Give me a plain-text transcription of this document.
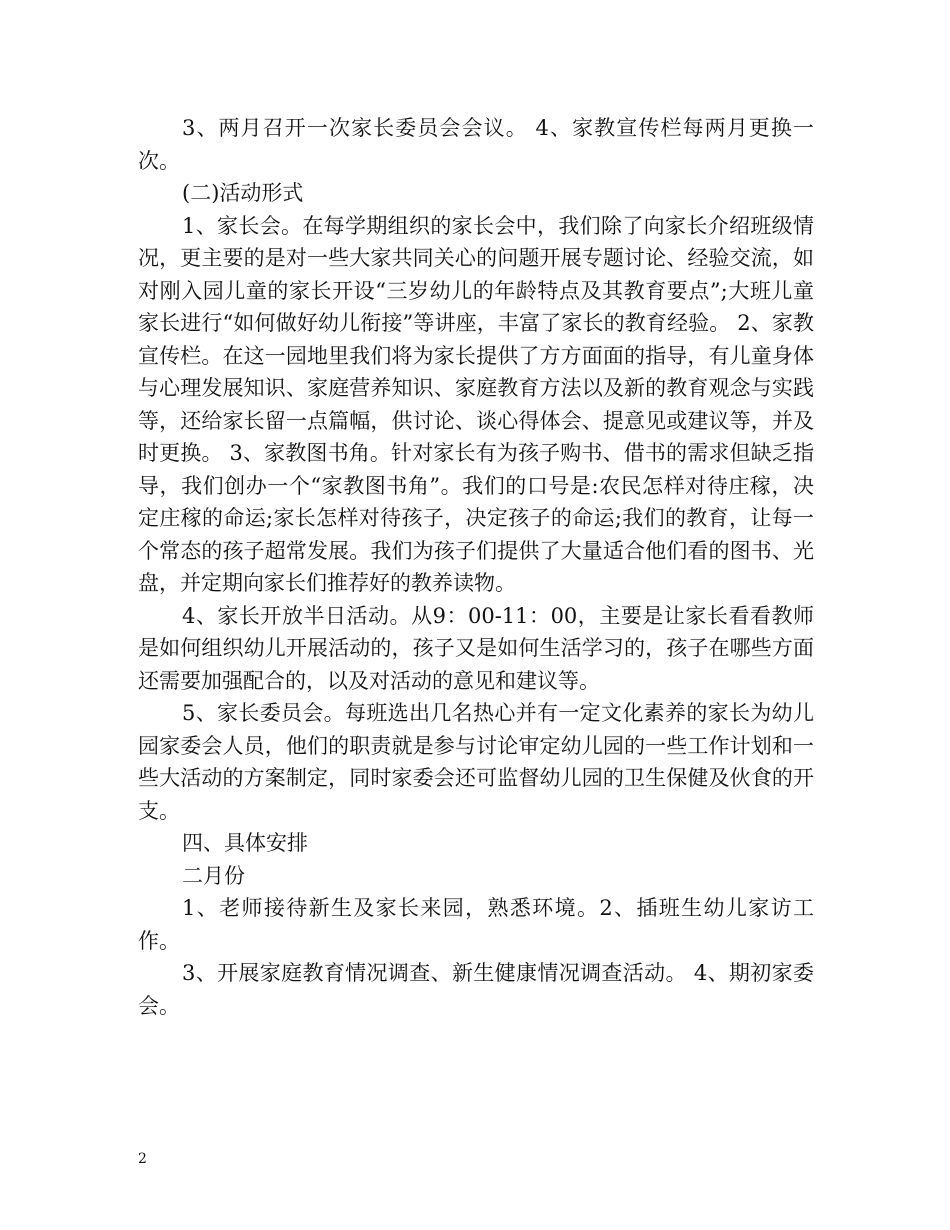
3、两月召开一次家长委员会会议。 4、家教宣传栏每两月更换一次。

(二)活动形式

1、家长会。在每学期组织的家长会中，我们除了向家长介绍班级情况，更主要的是对一些大家共同关心的问题开展专题讨论、经验交流，如对刚入园儿童的家长开设“三岁幼儿的年龄特点及其教育要点”;大班儿童家长进行“如何做好幼儿衔接”等讲座，丰富了家长的教育经验。 2、家教宣传栏。在这一园地里我们将为家长提供了方方面面的指导，有儿童身体与心理发展知识、家庭营养知识、家庭教育方法以及新的教育观念与实践等，还给家长留一点篇幅，供讨论、谈心得体会、提意见或建议等，并及时更换。 3、家教图书角。针对家长有为孩子购书、借书的需求但缺乏指导，我们创办一个“家教图书角”。我们的口号是:农民怎样对待庄稼，决定庄稼的命运;家长怎样对待孩子，决定孩子的命运;我们的教育，让每一个常态的孩子超常发展。我们为孩子们提供了大量适合他们看的图书、光盘，并定期向家长们推荐好的教养读物。

4、家长开放半日活动。从9：00-11：00，主要是让家长看看教师是如何组织幼儿开展活动的，孩子又是如何生活学习的，孩子在哪些方面还需要加强配合的，以及对活动的意见和建议等。

5、家长委员会。每班选出几名热心并有一定文化素养的家长为幼儿园家委会人员，他们的职责就是参与讨论审定幼儿园的一些工作计划和一些大活动的方案制定，同时家委会还可监督幼儿园的卫生保健及伙食的开支。

四、具体安排

二月份

1、老师接待新生及家长来园，熟悉环境。2、插班生幼儿家访工作。

3、开展家庭教育情况调查、新生健康情况调查活动。 4、期初家委会。

2
